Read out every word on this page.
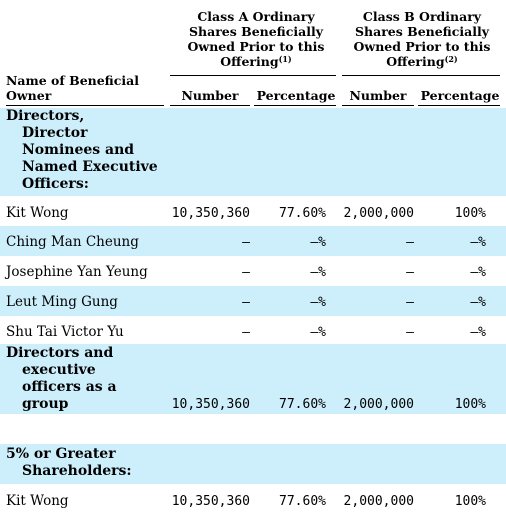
Class A Ordinary
Shares Beneficially
Owned Prior to this
Offering$^{(1)}$
Class B Ordinary
Shares Beneficially
Owned Prior to this
Offering$^{(2)}$
Name of Beneficial
Owner	Number	Percentage	Number	Percentage
Directors,
Director
Nominees and
Named Executive
Officers:
Kit Wong	10,350,360 77.60% 2,000,000	100%
Ching Man Cheung	—	—%	—	—%
Josephine Yan Yeung	—	—%	—	—%
Leut Ming Gung	—	—%	—	—%
Shu Tai Victor Yu	—	—%	—	—%
Directors and
executive
officers as a
group	10,350,360 77.60% 2,000,000	100%
5% or Greater
Shareholders:
Kit Wong	10,350,360 77.60% 2,000,000	100%
